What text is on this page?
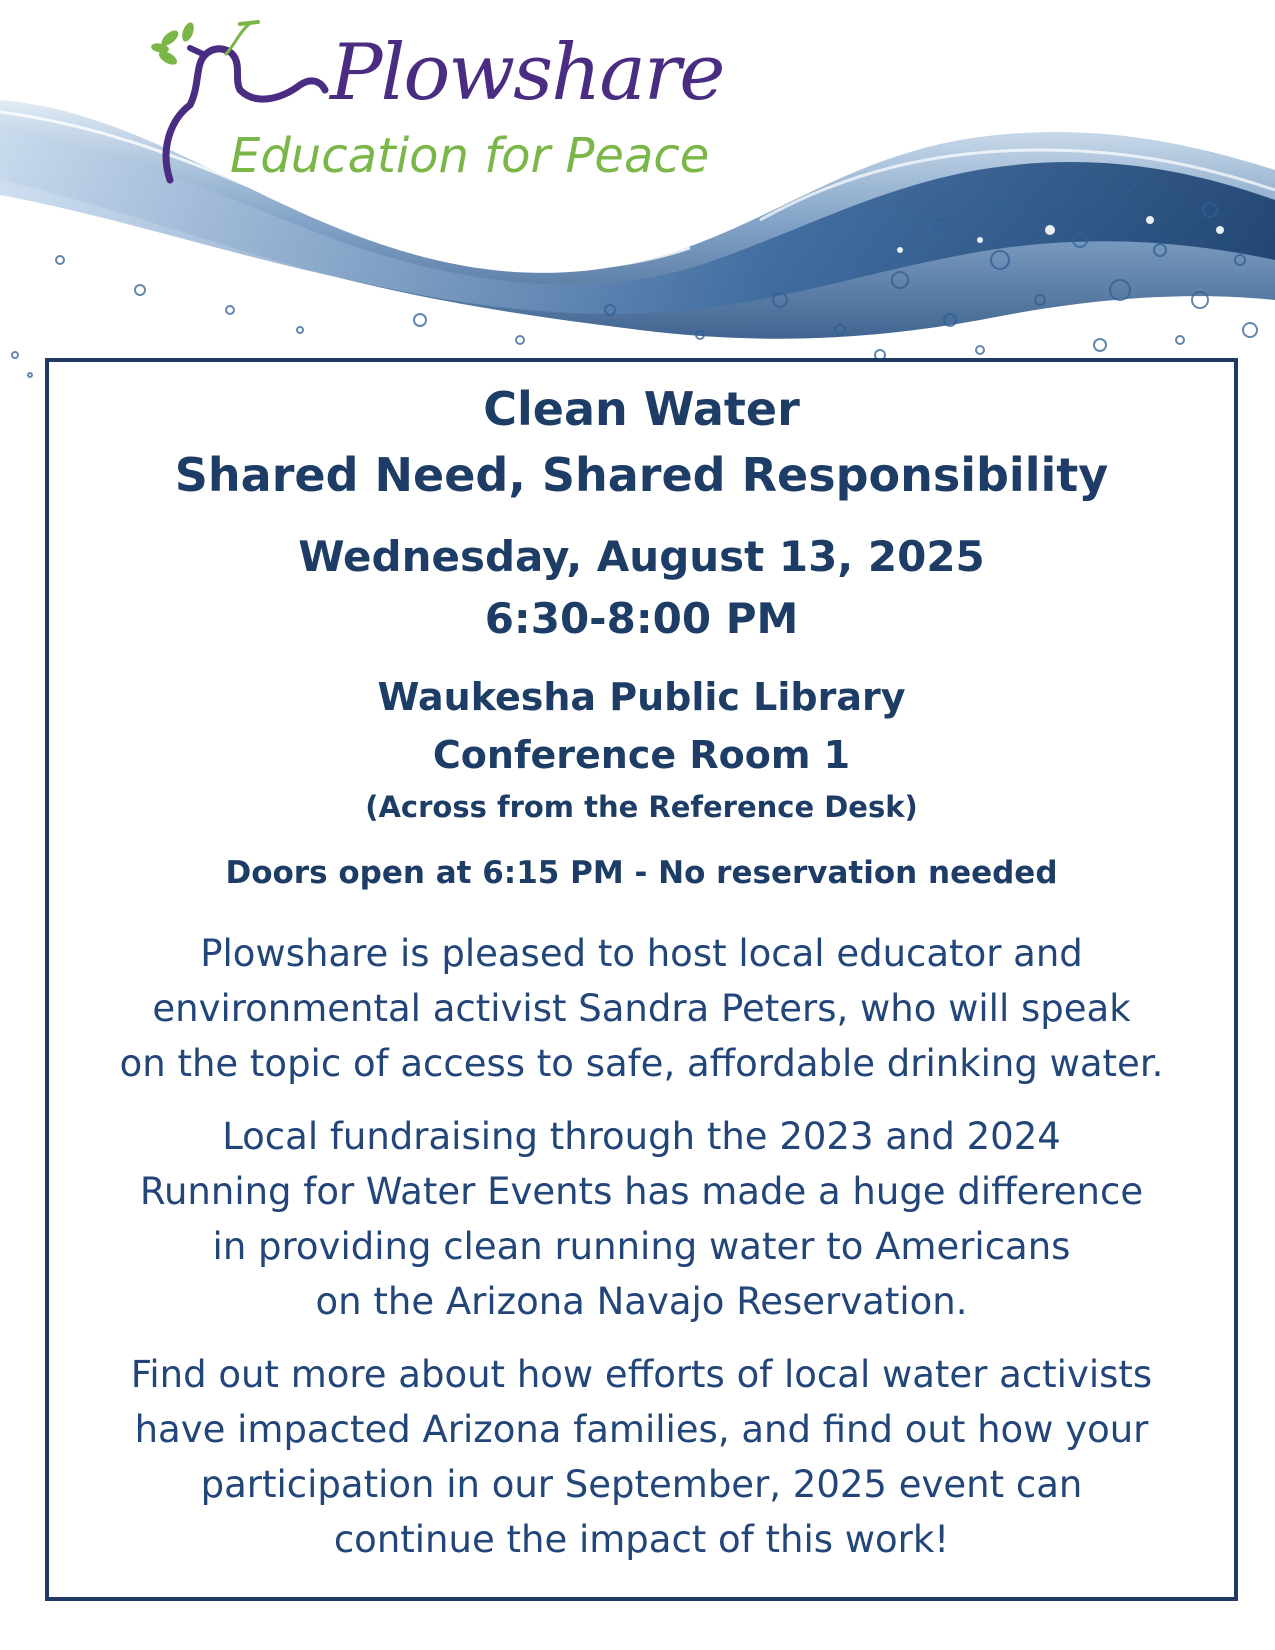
Plowshare
Education for Peace
Clean Water
Shared Need, Shared Responsibility
Wednesday, August 13, 2025
6:30-8:00 PM
Waukesha Public Library
Conference Room 1
(Across from the Reference Desk)
Doors open at 6:15 PM - No reservation needed
Plowshare is pleased to host local educator and
environmental activist Sandra Peters, who will speak
on the topic of access to safe, affordable drinking water.
Local fundraising through the 2023 and 2024
Running for Water Events has made a huge difference
in providing clean running water to Americans
on the Arizona Navajo Reservation.
Find out more about how efforts of local water activists
have impacted Arizona families, and find out how your
participation in our September, 2025 event can
continue the impact of this work!
